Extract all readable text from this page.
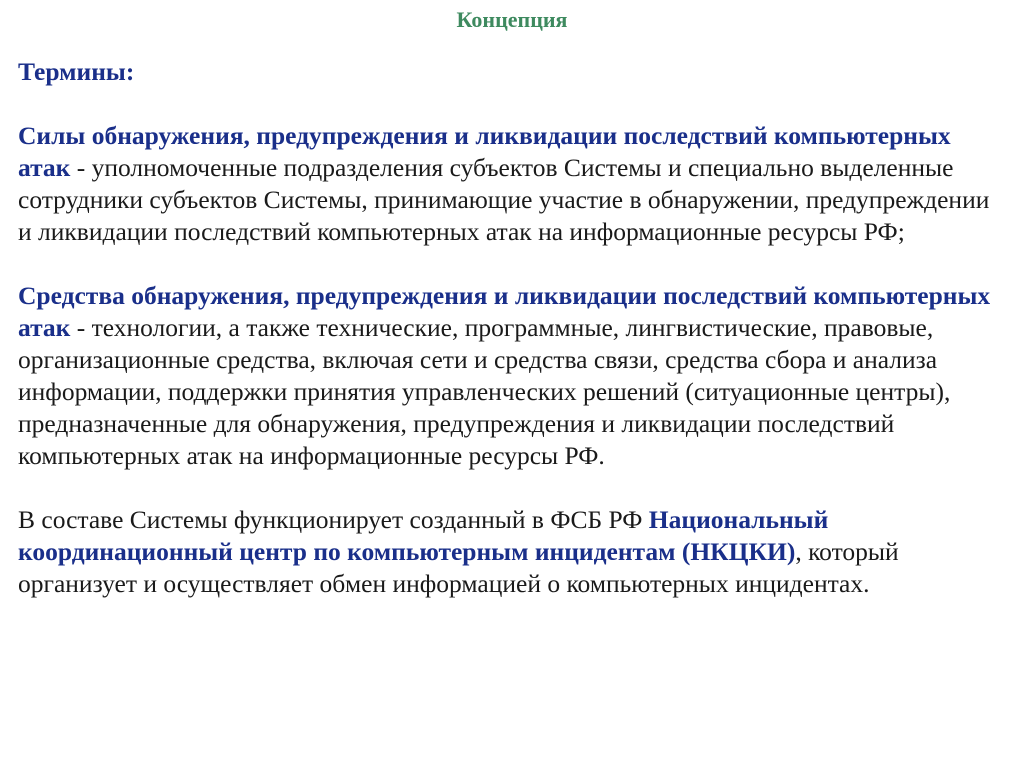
Концепция

Термины:

Силы обнаружения, предупреждения и ликвидации последствий компьютерных атак - уполномоченные подразделения субъектов Системы и специально выделенные сотрудники субъектов Системы, принимающие участие в обнаружении, предупреждении и ликвидации последствий компьютерных атак на информационные ресурсы РФ;

Средства обнаружения, предупреждения и ликвидации последствий компьютерных атак - технологии, а также технические, программные, лингвистические, правовые, организационные средства, включая сети и средства связи, средства сбора и анализа информации, поддержки принятия управленческих решений (ситуационные центры), предназначенные для обнаружения, предупреждения и ликвидации последствий компьютерных атак на информационные ресурсы РФ.

В составе Системы функционирует созданный в ФСБ РФ Национальный координационный центр по компьютерным инцидентам (НКЦКИ), который организует и осуществляет обмен информацией о компьютерных инцидентах.
